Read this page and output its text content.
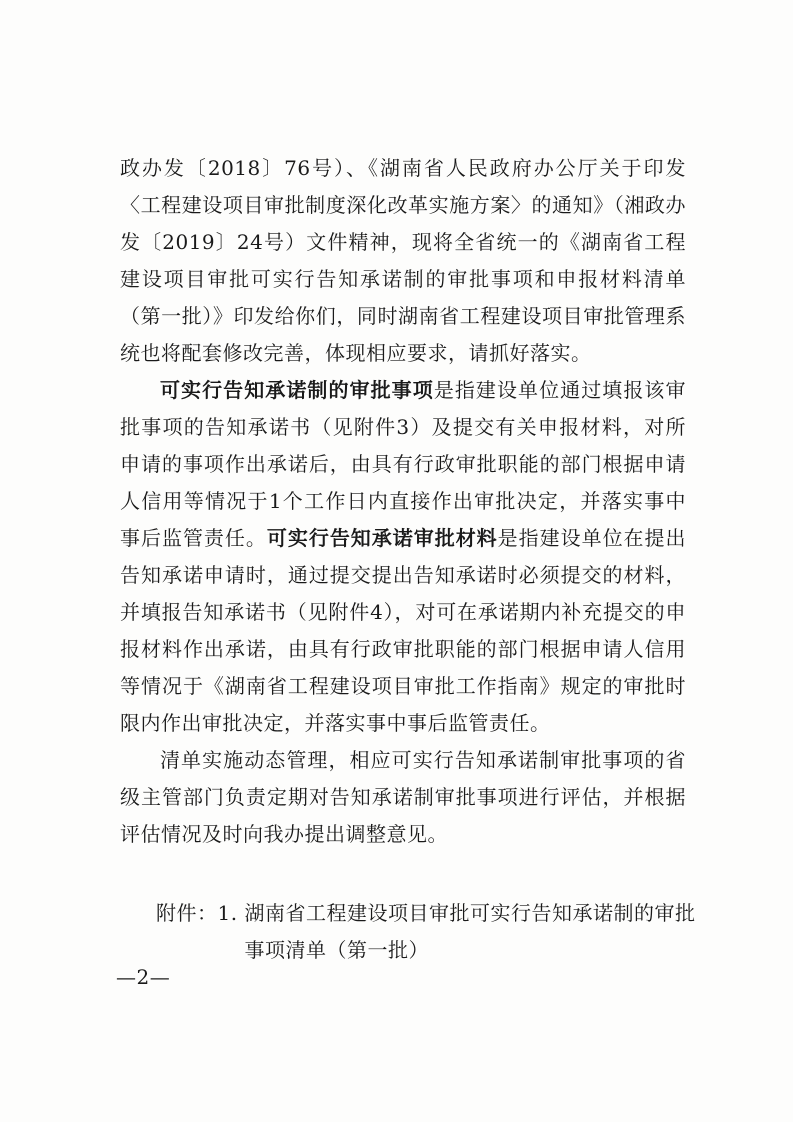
政办发〔2018〕76号）、《湖南省人民政府办公厅关于印发〈工程建设项目审批制度深化改革实施方案〉的通知》（湘政办发〔2019〕24号）文件精神，现将全省统一的《湖南省工程建设项目审批可实行告知承诺制的审批事项和申报材料清单（第一批）》印发给你们，同时湖南省工程建设项目审批管理系统也将配套修改完善，体现相应要求，请抓好落实。

可实行告知承诺制的审批事项是指建设单位通过填报该审批事项的告知承诺书（见附件3）及提交有关申报材料，对所申请的事项作出承诺后，由具有行政审批职能的部门根据申请人信用等情况于1个工作日内直接作出审批决定，并落实事中事后监管责任。可实行告知承诺审批材料是指建设单位在提出告知承诺申请时，通过提交提出告知承诺时必须提交的材料，并填报告知承诺书（见附件4），对可在承诺期内补充提交的申报材料作出承诺，由具有行政审批职能的部门根据申请人信用等情况于《湖南省工程建设项目审批工作指南》规定的审批时限内作出审批决定，并落实事中事后监管责任。

清单实施动态管理，相应可实行告知承诺制审批事项的省级主管部门负责定期对告知承诺制审批事项进行评估，并根据评估情况及时向我办提出调整意见。

附件： 1. 湖南省工程建设项目审批可实行告知承诺制的审批事项清单（第一批）
—2—
